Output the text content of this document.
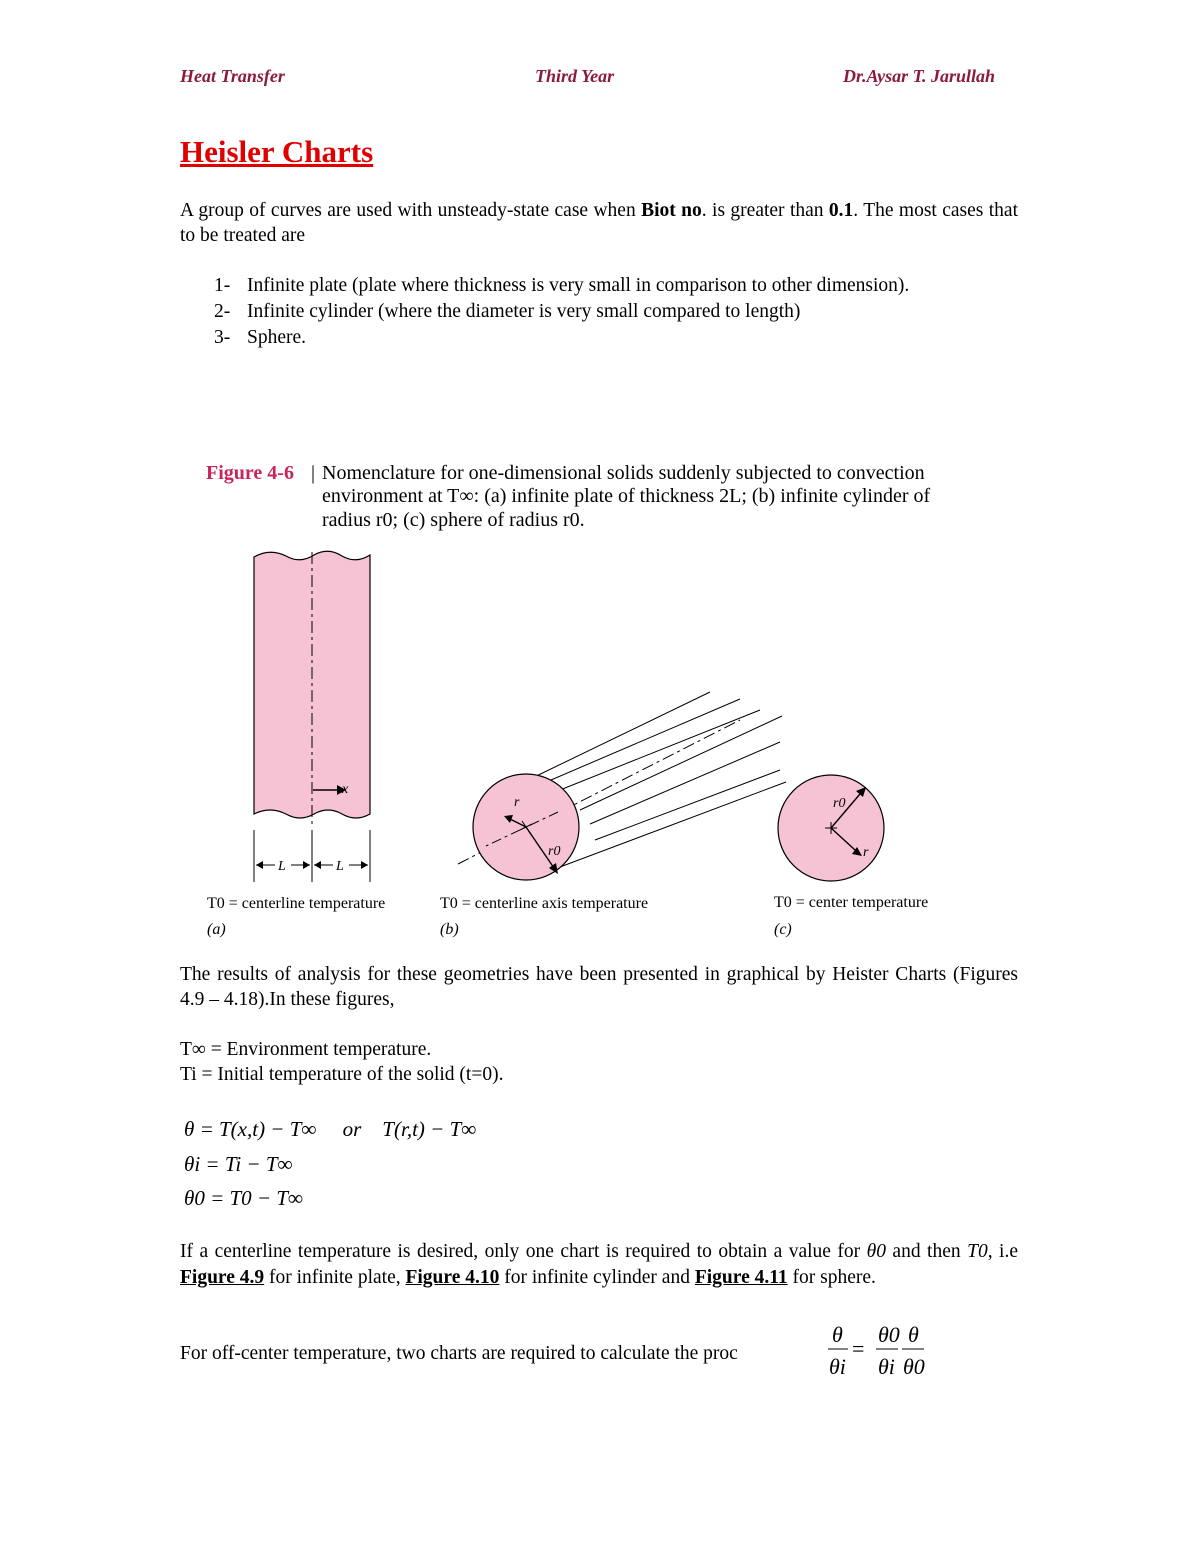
Heat Transfer	Third Year	Dr.Aysar T. Jarullah
Heisler Charts
A group of curves are used with unsteady-state case when Biot no. is greater than 0.1. The most cases that to be treated are
1- Infinite plate (plate where thickness is very small in comparison to other dimension).
2- Infinite cylinder (where the diameter is very small compared to length)
3- Sphere.
Figure 4-6 | Nomenclature for one-dimensional solids suddenly subjected to convection
environment at T∞: (a) infinite plate of thickness 2L; (b) infinite cylinder of
radius r0; (c) sphere of radius r0.
x
L	L
r
r0
r0
r
T0 = centerline temperature
(a)
T0 = centerline axis temperature
(b)
T0 = center temperature
(c)
The results of analysis for these geometries have been presented in graphical by Heister Charts (Figures 4.9 – 4.18).In these figures,
T∞ = Environment temperature.
Ti = Initial temperature of the solid (t=0).
θ = T(x,t) − T∞     or    T(r,t) − T∞
θi = Ti − T∞
θ0 = T0 − T∞
If a centerline temperature is desired, only one chart is required to obtain a value for θ0 and then T0, i.e Figure 4.9 for infinite plate, Figure 4.10 for infinite cylinder and Figure 4.11 for sphere.
For off-center temperature, two charts are required to calculate the proc
θ
θi
=
θ0
θi
θ
θ0
